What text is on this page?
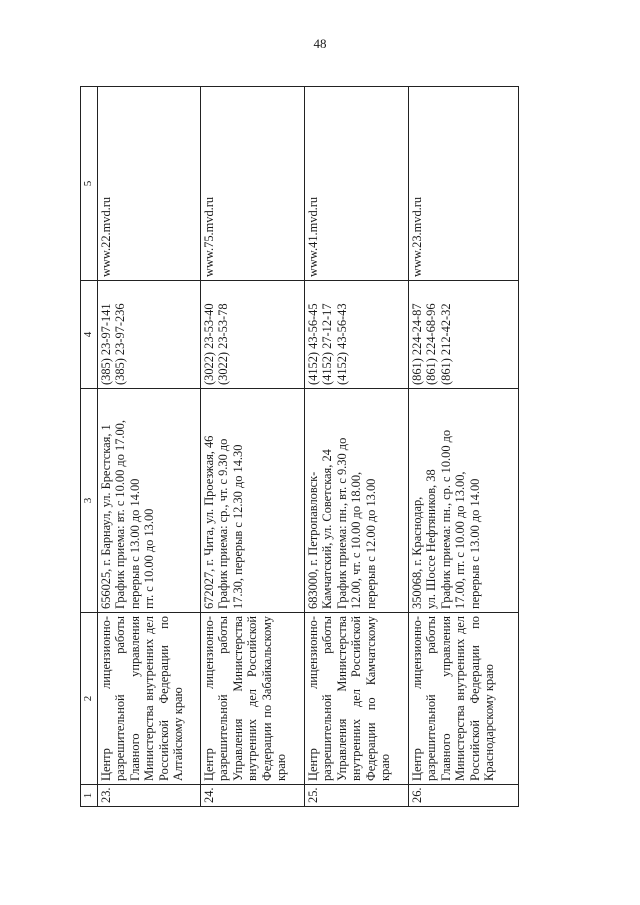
48
1	2	3	4	5
23.	Центр лицензионно-разрешительной работы Главного управления Министерства внутренних дел Российской Федерации по Алтайскому краю	656025, г. Барнаул, ул. Брестская, 1 График приема: вт. с 10.00 до 17.00, перерыв с 13.00 до 14.00 пт. с 10.00 до 13.00	(385) 23-97-141 (385) 23-97-236	www.22.mvd.ru

24.	Центр лицензионно-разрешительной работы Управления Министерства внутренних дел Российской Федерации по Забайкальскому краю	672027, г. Чита, ул. Проезжая, 46 График приема: ср., чт. с 9.30 до 17.30, перерыв с 12.30 до 14.30	(3022) 23-53-40 (3022) 23-53-78	www.75.mvd.ru

25.	Центр лицензионно-разрешительной работы Управления Министерства внутренних дел Российской Федерации по Камчатскому краю	683000, г. Петропавловск- Камчатский, ул. Советская, 24 График приема: пн., вт. с 9.30 до 12.00, чт. с 10.00 до 18.00, перерыв с 12.00 до 13.00	(4152) 43-56-45 (4152) 27-12-17 (4152) 43-56-43	www.41.mvd.ru

26.	Центр лицензионно-разрешительной работы Главного управления Министерства внутренних дел Российской Федерации по Краснодарскому краю	350068, г. Краснодар, ул. Шоссе Нефтяников, 38 График приема: пн., ср. с 10.00 до 17.00, пт. с 10.00 до 13.00, перерыв с 13.00 до 14.00	(861) 224-24-87 (861) 224-68-96 (861) 212-42-32	www.23.mvd.ru
